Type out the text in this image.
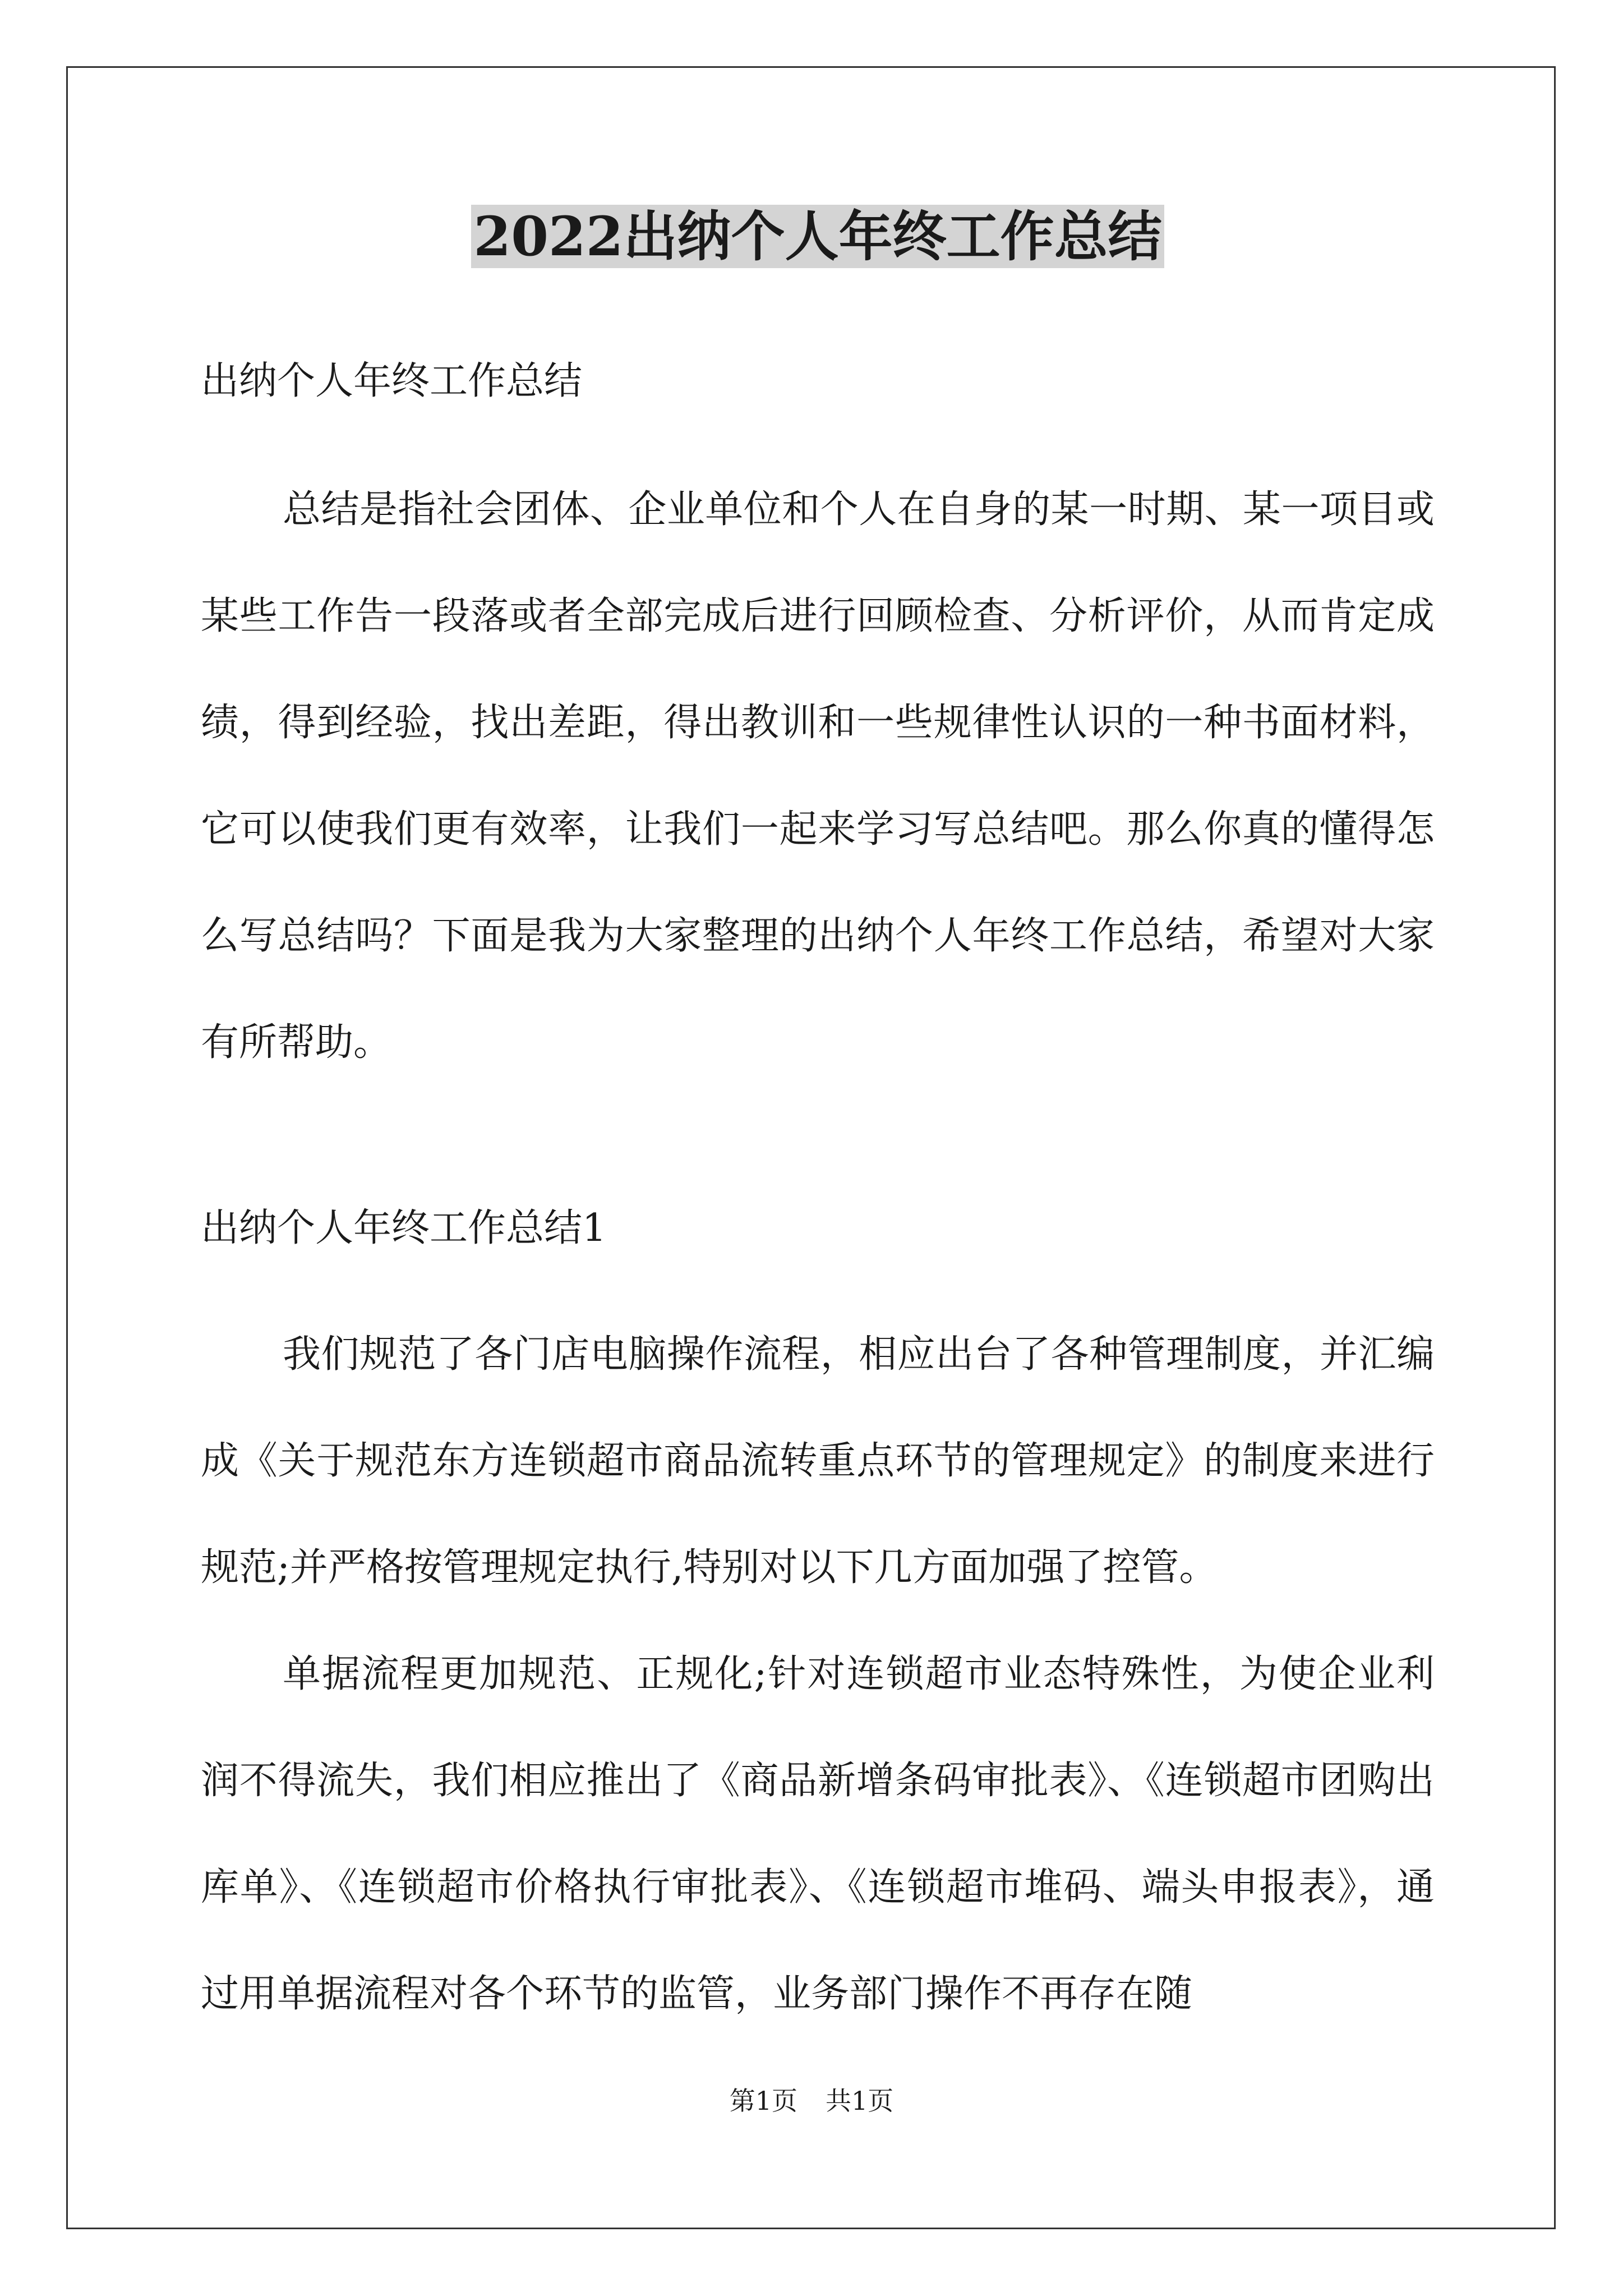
2022出纳个人年终工作总结

出纳个人年终工作总结

总结是指社会团体、企业单位和个人在自身的某一时期、某一项目或某些工作告一段落或者全部完成后进行回顾检查、分析评价，从而肯定成绩，得到经验，找出差距，得出教训和一些规律性认识的一种书面材料，它可以使我们更有效率，让我们一起来学习写总结吧。那么你真的懂得怎么写总结吗？下面是我为大家整理的出纳个人年终工作总结，希望对大家有所帮助。

出纳个人年终工作总结1

我们规范了各门店电脑操作流程，相应出台了各种管理制度，并汇编成《关于规范东方连锁超市商品流转重点环节的管理规定》的制度来进行规范;并严格按管理规定执行,特别对以下几方面加强了控管。

单据流程更加规范、正规化;针对连锁超市业态特殊性，为使企业利润不得流失，我们相应推出了《商品新增条码审批表》、《连锁超市团购出库单》、《连锁超市价格执行审批表》、《连锁超市堆码、端头申报表》，通过用单据流程对各个环节的监管，业务部门操作不再存在随

第1页 共1页
